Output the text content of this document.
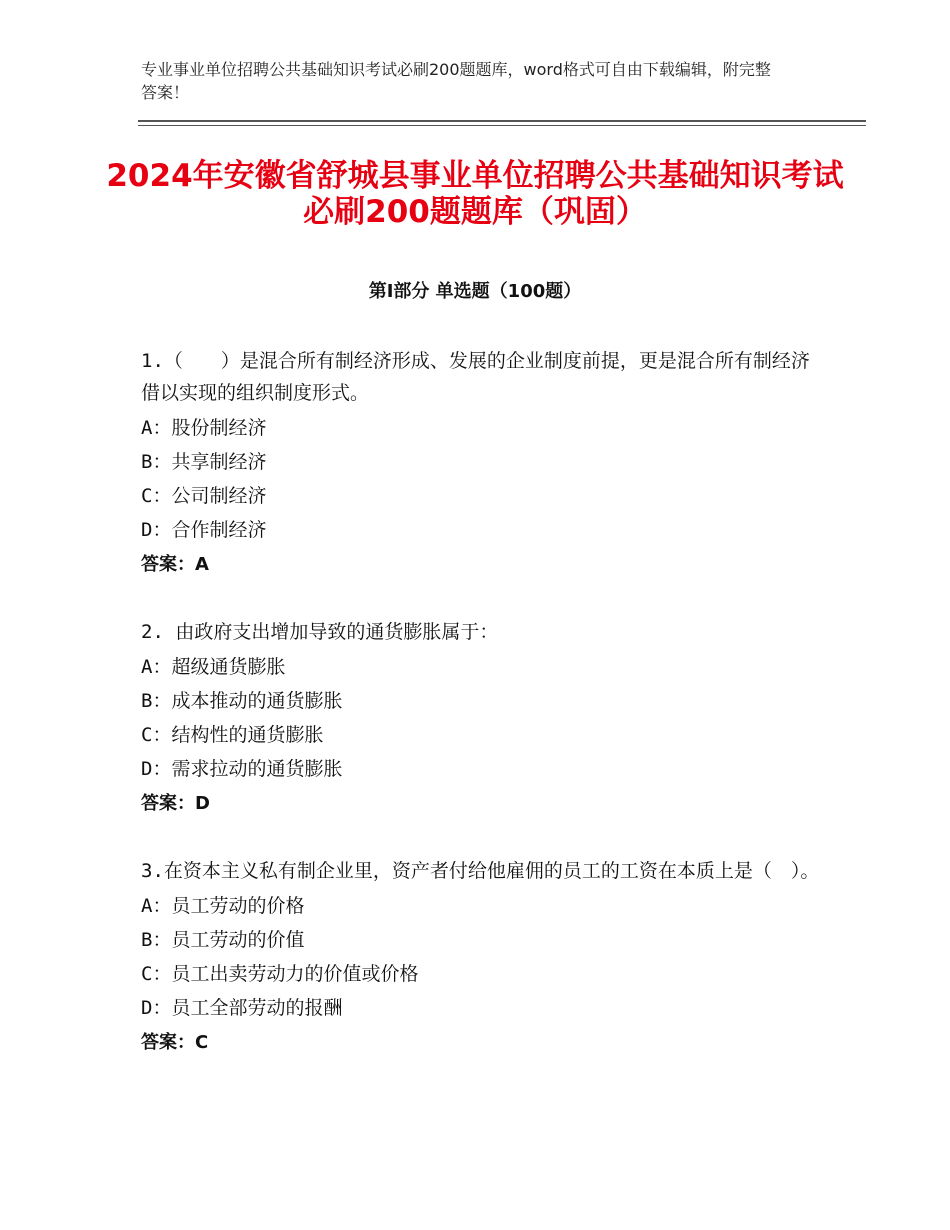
专业事业单位招聘公共基础知识考试必刷200题题库，word格式可自由下载编辑，附完整答案！
2024年安徽省舒城县事业单位招聘公共基础知识考试必刷200题题库（巩固）
第Ⅰ部分 单选题（100题）
1.（　　）是混合所有制经济形成、发展的企业制度前提，更是混合所有制经济借以实现的组织制度形式。
A：股份制经济
B：共享制经济
C：公司制经济
D：合作制经济
答案：A
2. 由政府支出增加导致的通货膨胀属于：
A：超级通货膨胀
B：成本推动的通货膨胀
C：结构性的通货膨胀
D：需求拉动的通货膨胀
答案：D
3.在资本主义私有制企业里，资产者付给他雇佣的员工的工资在本质上是（　）。
A：员工劳动的价格
B：员工劳动的价值
C：员工出卖劳动力的价值或价格
D：员工全部劳动的报酬
答案：C
